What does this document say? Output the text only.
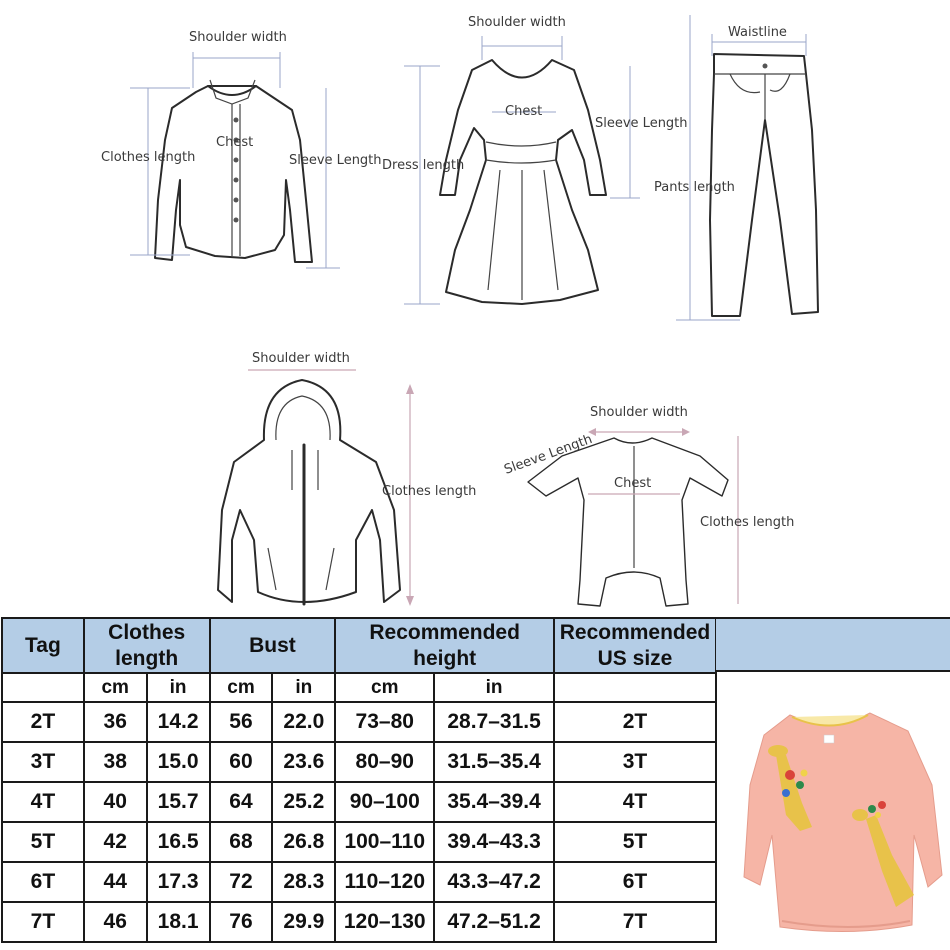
Shoulder width
Chest
Clothes length	Sleeve Length
Shoulder width
Chest
Sleeve Length
Dress length
Waistline
Pants length
Shoulder width
Clothes length
Shoulder width
Sleeve Length
Chest
Clothes length
Tag	Clothes length		Bust		Recommended height		Recommended US size
	cm	in	cm	in	cm	in	
2T	36	14.2	56	22.0	73–80	28.7–31.5	2T
3T	38	15.0	60	23.6	80–90	31.5–35.4	3T
4T	40	15.7	64	25.2	90–100	35.4–39.4	4T
5T	42	16.5	68	26.8	100–110	39.4–43.3	5T
6T	44	17.3	72	28.3	110–120	43.3–47.2	6T
7T	46	18.1	76	29.9	120–130	47.2–51.2	7T
